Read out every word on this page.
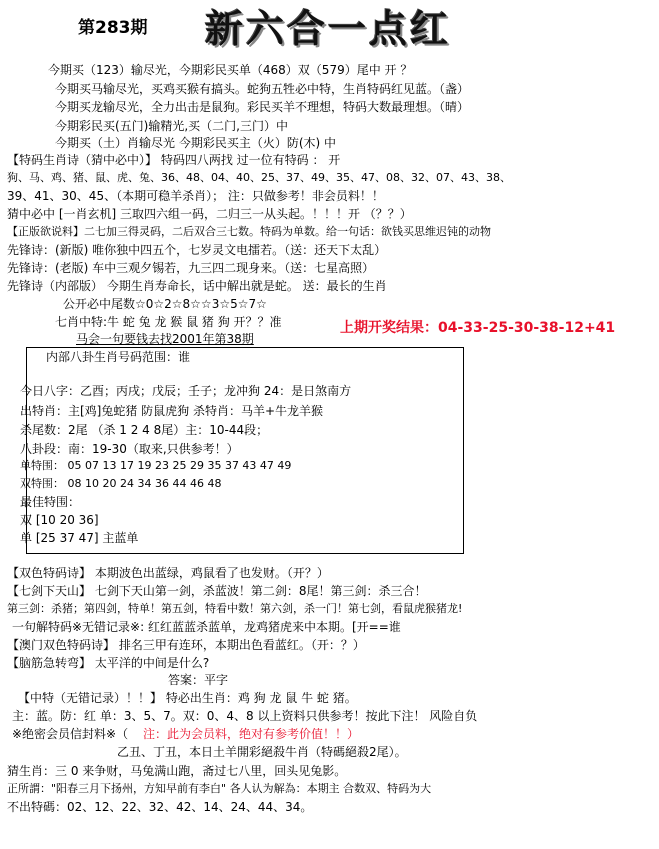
第283期 新六合一点红
今期买（123）输尽光，今期彩民买单（468）双（579）尾中 开 ？
今期买马输尽光，买鸡买猴有搞头。蛇狗五牲必中特，生肖特码红见蓝。（盏）
今期买龙输尽光，全力出击是鼠狗。彩民买羊不理想，特码大数最理想。（晴）
今期彩民买(五门)输精光,买（二门,三门）中
今期买（土）肖输尽光 今期彩民买主（火）防(木) 中
【特码生肖诗（猜中必中）】 特码四八两找 过一位有特码 ： 开
狗、马、鸡、猪、鼠、虎、兔、36、48、04、40、25、37、49、35、47、08、32、07、43、38、
39、41、30、45、（本期可稳羊杀肖）； 注：只做参考！非会员料！！
猜中必中 [一肖玄机] 三取四六组一码，二归三一从头起。！！！开 （？？）
【正版欲说料】二七加三得灵码，二后双合三七数。特码为单数。给一句话：欲钱买思维迟钝的动物
先锋诗：(新版) 唯你独中四五个，七岁灵文电擂若。（送：还天下太乱）
先锋诗：(老版) 车中三观夕锡若，九三四二现身来。（送：七星高照）
先锋诗（内部版） 今期生肖寿命长，话中解出就是蛇。 送：最长的生肖
公开必中尾数☆0☆2☆8☆☆3☆5☆7☆
七肖中特:牛 蛇 兔 龙 猴 鼠 猪 狗 开？？准	上期开奖结果：04-33-25-30-38-12+41
马会一句要钱去找2001年第38期
内部八卦生肖号码范围：谁
今日八字：乙酉；丙戌；戊辰；壬子；龙冲狗 24：是日煞南方
出特肖：主[鸡]兔蛇猪 防鼠虎狗 杀特肖：马羊+牛龙羊猴
杀尾数：2尾 （杀 1 2 4 8尾）主：10-44段；
八卦段：南：19-30（取来,只供参考！）
单特围： 05 07 13 17 19 23 25 29 35 37 43 47 49
双特围： 08 10 20 24 34 36 44 46 48
最佳特围：
双 [10 20 36]
单 [25 37 47] 主蓝单
【双色特码诗】 本期波色出蓝绿，鸡鼠看了也发财。（开？）
【七剑下天山】 七剑下天山第一剑，杀蓝波！第二剑：8尾！第三剑：杀三合！
第三剑：杀猪；第四剑，特单！第五剑，特看中数！第六剑，杀一门！第七剑，看鼠虎猴猪龙!
一句解特码※无错记录※: 红红蓝蓝杀蓝单，龙鸡猪虎来中本期。[开==谁
【澳门双色特码诗】 排名三甲有连环，本期出色看蓝红。（开：？）
【脑筋急转弯】 太平洋的中间是什么?
答案：平字
【中特（无错记录）！！】 特必出生肖：鸡 狗 龙 鼠 牛 蛇 猪。
主：蓝。防：红 单：3、5、7。双：0、4、8 以上资料只供参考！按此下注！ 风险自负
※绝密会员信封料※（ 注：此为会员料，绝对有参考价值！！）
乙丑、丁丑，本日土羊開彩絕殺牛肖（特碼絕殺2尾）。
猜生肖：三 0 来争财，马兔满山跑，斋过七八里，回头见兔影。
正所謂："阳春三月下扬州，方知早前有李白" 各人认为解為：本期主 合数双、特码为大
不出特碼：02、12、22、32、42、14、24、44、34。
